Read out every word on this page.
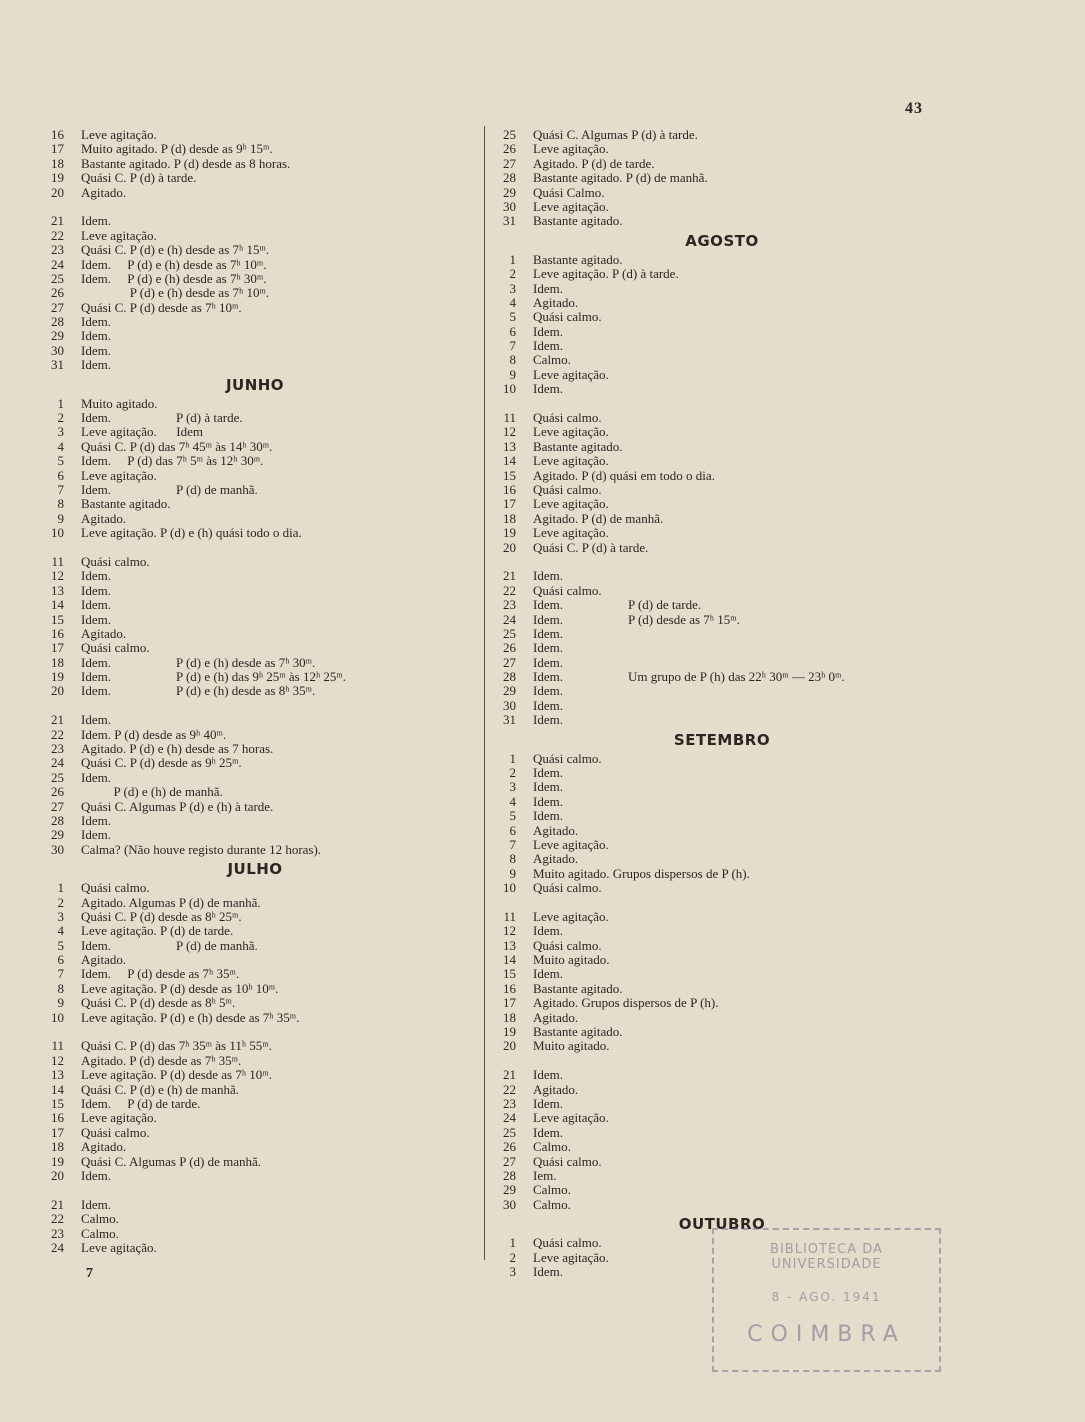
43
16 Leve agitação.
17 Muito agitado. P (d) desde as 9ʰ 15ᵐ.
18 Bastante agitado. P (d) desde as 8 horas.
19 Quási C. P (d) à tarde.
20 Agitado.
21 Idem.
22 Leve agitação.
23 Quási C. P (d) e (h) desde as 7ʰ 15ᵐ.
24 Idem.     P (d) e (h) desde as 7ʰ 10ᵐ.
25 Idem.     P (d) e (h) desde as 7ʰ 30ᵐ.
26 P (d) e (h) desde as 7ʰ 10ᵐ.
27 Quási C. P (d) desde as 7ʰ 10ᵐ.
28 Idem.
29 Idem.
30 Idem.
31 Idem.
JUNHO
1 Muito agitado.
2 Idem.                    P (d) à tarde.
3 Leve agitação.      Idem
4 Quási C. P (d) das 7ʰ 45ᵐ às 14ʰ 30ᵐ.
5 Idem.     P (d) das 7ʰ 5ᵐ às 12ʰ 30ᵐ.
6 Leve agitação.
7 Idem.                    P (d) de manhã.
8 Bastante agitado.
9 Agitado.
10 Leve agitação. P (d) e (h) quási todo o dia.
11 Quási calmo.
12 Idem.
13 Idem.
14 Idem.
15 Idem.
16 Agitado.
17 Quási calmo.
18 Idem.                    P (d) e (h) desde as 7ʰ 30ᵐ.
19 Idem.                    P (d) e (h) das 9ʰ 25ᵐ às 12ʰ 25ᵐ.
20 Idem.                    P (d) e (h) desde as 8ʰ 35ᵐ.
21 Idem.
22 Idem. P (d) desde as 9ʰ 40ᵐ.
23 Agitado. P (d) e (h) desde as 7 horas.
24 Quási C. P (d) desde as 9ʰ 25ᵐ.
25 Idem.
26 P (d) e (h) de manhã.
27 Quási C. Algumas P (d) e (h) à tarde.
28 Idem.
29 Idem.
30 Calma? (Não houve registo durante 12 horas).
JULHO
1 Quási calmo.
2 Agitado. Algumas P (d) de manhã.
3 Quási C. P (d) desde as 8ʰ 25ᵐ.
4 Leve agitação. P (d) de tarde.
5 Idem.                    P (d) de manhã.
6 Agitado.
7 Idem.     P (d) desde as 7ʰ 35ᵐ.
8 Leve agitação. P (d) desde as 10ʰ 10ᵐ.
9 Quási C. P (d) desde as 8ʰ 5ᵐ.
10 Leve agitação. P (d) e (h) desde as 7ʰ 35ᵐ.
11 Quási C. P (d) das 7ʰ 35ᵐ às 11ʰ 55ᵐ.
12 Agitado. P (d) desde as 7ʰ 35ᵐ.
13 Leve agitação. P (d) desde as 7ʰ 10ᵐ.
14 Quási C. P (d) e (h) de manhã.
15 Idem.     P (d) de tarde.
16 Leve agitação.
17 Quási calmo.
18 Agitado.
19 Quási C. Algumas P (d) de manhã.
20 Idem.
21 Idem.
22 Calmo.
23 Calmo.
24 Leve agitação.
25 Quási C. Algumas P (d) à tarde.
26 Leve agitação.
27 Agitado. P (d) de tarde.
28 Bastante agitado. P (d) de manhã.
29 Quási Calmo.
30 Leve agitação.
31 Bastante agitado.
AGOSTO
1 Bastante agitado.
2 Leve agitação. P (d) à tarde.
3 Idem.
4 Agitado.
5 Quási calmo.
6 Idem.
7 Idem.
8 Calmo.
9 Leve agitação.
10 Idem.
11 Quási calmo.
12 Leve agitação.
13 Bastante agitado.
14 Leve agitação.
15 Agitado. P (d) quási em todo o dia.
16 Quási calmo.
17 Leve agitação.
18 Agitado. P (d) de manhã.
19 Leve agitação.
20 Quási C. P (d) à tarde.
21 Idem.
22 Quási calmo.
23 Idem.                    P (d) de tarde.
24 Idem.                    P (d) desde as 7ʰ 15ᵐ.
25 Idem.
26 Idem.
27 Idem.
28 Idem.                    Um grupo de P (h) das 22ʰ 30ᵐ — 23ʰ 0ᵐ.
29 Idem.
30 Idem.
31 Idem.
SETEMBRO
1 Quási calmo.
2 Idem.
3 Idem.
4 Idem.
5 Idem.
6 Agitado.
7 Leve agitação.
8 Agitado.
9 Muito agitado. Grupos dispersos de P (h).
10 Quási calmo.
11 Leve agitação.
12 Idem.
13 Quási calmo.
14 Muito agitado.
15 Idem.
16 Bastante agitado.
17 Agitado. Grupos dispersos de P (h).
18 Agitado.
19 Bastante agitado.
20 Muito agitado.
21 Idem.
22 Agitado.
23 Idem.
24 Leve agitação.
25 Idem.
26 Calmo.
27 Quási calmo.
28 Iem.
29 Calmo.
30 Calmo.
OUTUBRO
1 Quási calmo.
2 Leve agitação.
3 Idem.
7
BIBLIOTECA DA UNIVERSIDADE
8 - AGO. 1941
COIMBRA
